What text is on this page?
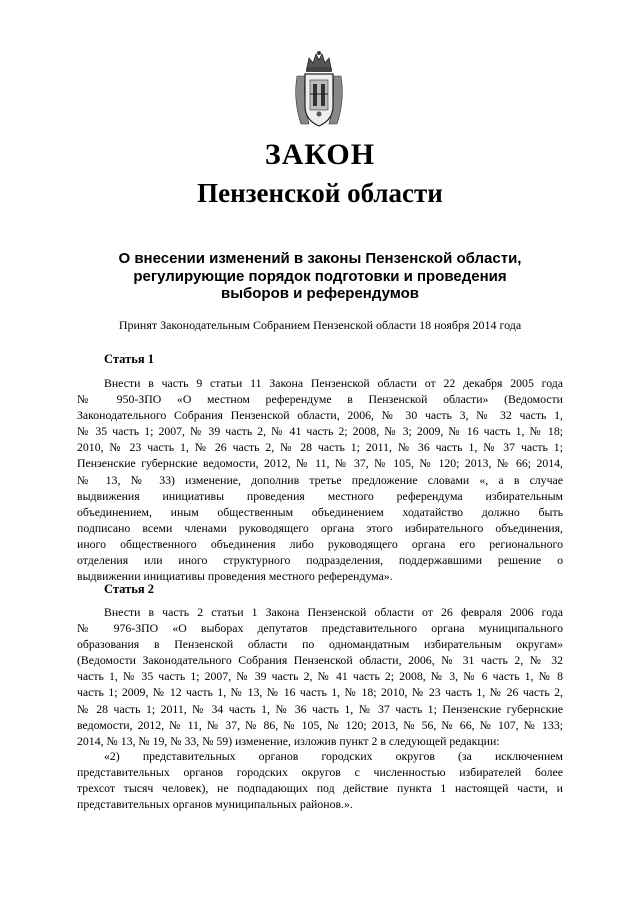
ЗАКОН
Пензенской области
О внесении изменений в законы Пензенской области,
регулирующие порядок подготовки и проведения
выборов и референдумов
Принят Законодательным Собранием Пензенской области 18 ноября 2014 года
Статья 1
Внести в часть 9 статьи 11 Закона Пензенской области от 22 декабря 2005 года
№ 950-ЗПО «О местном референдуме в Пензенской области» (Ведомости
Законодательного Собрания Пензенской области, 2006, № 30 часть 3, № 32 часть 1,
№ 35 часть 1; 2007, № 39 часть 2, № 41 часть 2; 2008, № 3; 2009, № 16 часть 1, № 18;
2010, № 23 часть 1, № 26 часть 2, № 28 часть 1; 2011, № 36 часть 1, № 37 часть 1;
Пензенские губернские ведомости, 2012, № 11, № 37, № 105, № 120; 2013, № 66; 2014,
№ 13, № 33) изменение, дополнив третье предложение словами «, а в случае
выдвижения инициативы проведения местного референдума избирательным
объединением, иным общественным объединением ходатайство должно быть
подписано всеми членами руководящего органа этого избирательного объединения,
иного общественного объединения либо руководящего органа его регионального
отделения или иного структурного подразделения, поддержавшими решение о
выдвижении инициативы проведения местного референдума».
Статья 2
Внести в часть 2 статьи 1 Закона Пензенской области от 26 февраля 2006 года
№ 976-ЗПО «О выборах депутатов представительного органа муниципального
образования в Пензенской области по одномандатным избирательным округам»
(Ведомости Законодательного Собрания Пензенской области, 2006, № 31 часть 2, № 32
часть 1, № 35 часть 1; 2007, № 39 часть 2, № 41 часть 2; 2008, № 3, № 6 часть 1, № 8
часть 1; 2009, № 12 часть 1, № 13, № 16 часть 1, № 18; 2010, № 23 часть 1, № 26 часть 2,
№ 28 часть 1; 2011, № 34 часть 1, № 36 часть 1, № 37 часть 1; Пензенские губернские
ведомости, 2012, № 11, № 37, № 86, № 105, № 120; 2013, № 56, № 66, № 107, № 133;
2014, № 13, № 19, № 33, № 59) изменение, изложив пункт 2 в следующей редакции:
«2) представительных органов городских округов (за исключением
представительных органов городских округов с численностью избирателей более
трехсот тысяч человек), не подпадающих под действие пункта 1 настоящей части, и
представительных органов муниципальных районов.».
